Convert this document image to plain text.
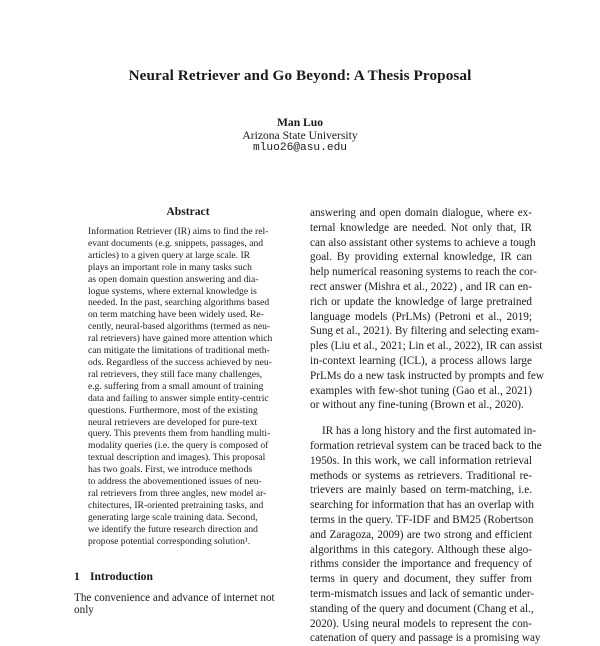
Neural Retriever and Go Beyond: A Thesis Proposal
Man Luo
Arizona State University
mluo26@asu.edu
Abstract
Information Retriever (IR) aims to find the rel-
evant documents (e.g. snippets, passages, and
articles) to a given query at large scale. IR
plays an important role in many tasks such
as open domain question answering and dia-
logue systems, where external knowledge is
needed. In the past, searching algorithms based
on term matching have been widely used. Re-
cently, neural-based algorithms (termed as neu-
ral retrievers) have gained more attention which
can mitigate the limitations of traditional meth-
ods. Regardless of the success achieved by neu-
ral retrievers, they still face many challenges,
e.g. suffering from a small amount of training
data and failing to answer simple entity-centric
questions. Furthermore, most of the existing
neural retrievers are developed for pure-text
query. This prevents them from handling multi-
modality queries (i.e. the query is composed of
textual description and images). This proposal
has two goals. First, we introduce methods
to address the abovementioned issues of neu-
ral retrievers from three angles, new model ar-
chitectures, IR-oriented pretraining tasks, and
generating large scale training data. Second,
we identify the future research direction and
propose potential corresponding solution¹.
1 Introduction
The convenience and advance of internet not only
answering and open domain dialogue, where ex-
ternal knowledge are needed. Not only that, IR
can also assistant other systems to achieve a tough
goal. By providing external knowledge, IR can
help numerical reasoning systems to reach the cor-
rect answer (Mishra et al., 2022) , and IR can en-
rich or update the knowledge of large pretrained
language models (PrLMs) (Petroni et al., 2019;
Sung et al., 2021). By filtering and selecting exam-
ples (Liu et al., 2021; Lin et al., 2022), IR can assist
in-context learning (ICL), a process allows large
PrLMs do a new task instructed by prompts and few
examples with few-shot tuning (Gao et al., 2021)
or without any fine-tuning (Brown et al., 2020).
IR has a long history and the first automated in-
formation retrieval system can be traced back to the
1950s. In this work, we call information retrieval
methods or systems as retrievers. Traditional re-
trievers are mainly based on term-matching, i.e.
searching for information that has an overlap with
terms in the query. TF-IDF and BM25 (Robertson
and Zaragoza, 2009) are two strong and efficient
algorithms in this category. Although these algo-
rithms consider the importance and frequency of
terms in query and document, they suffer from
term-mismatch issues and lack of semantic under-
standing of the query and document (Chang et al.,
2020). Using neural models to represent the con-
catenation of query and passage is a promising way
